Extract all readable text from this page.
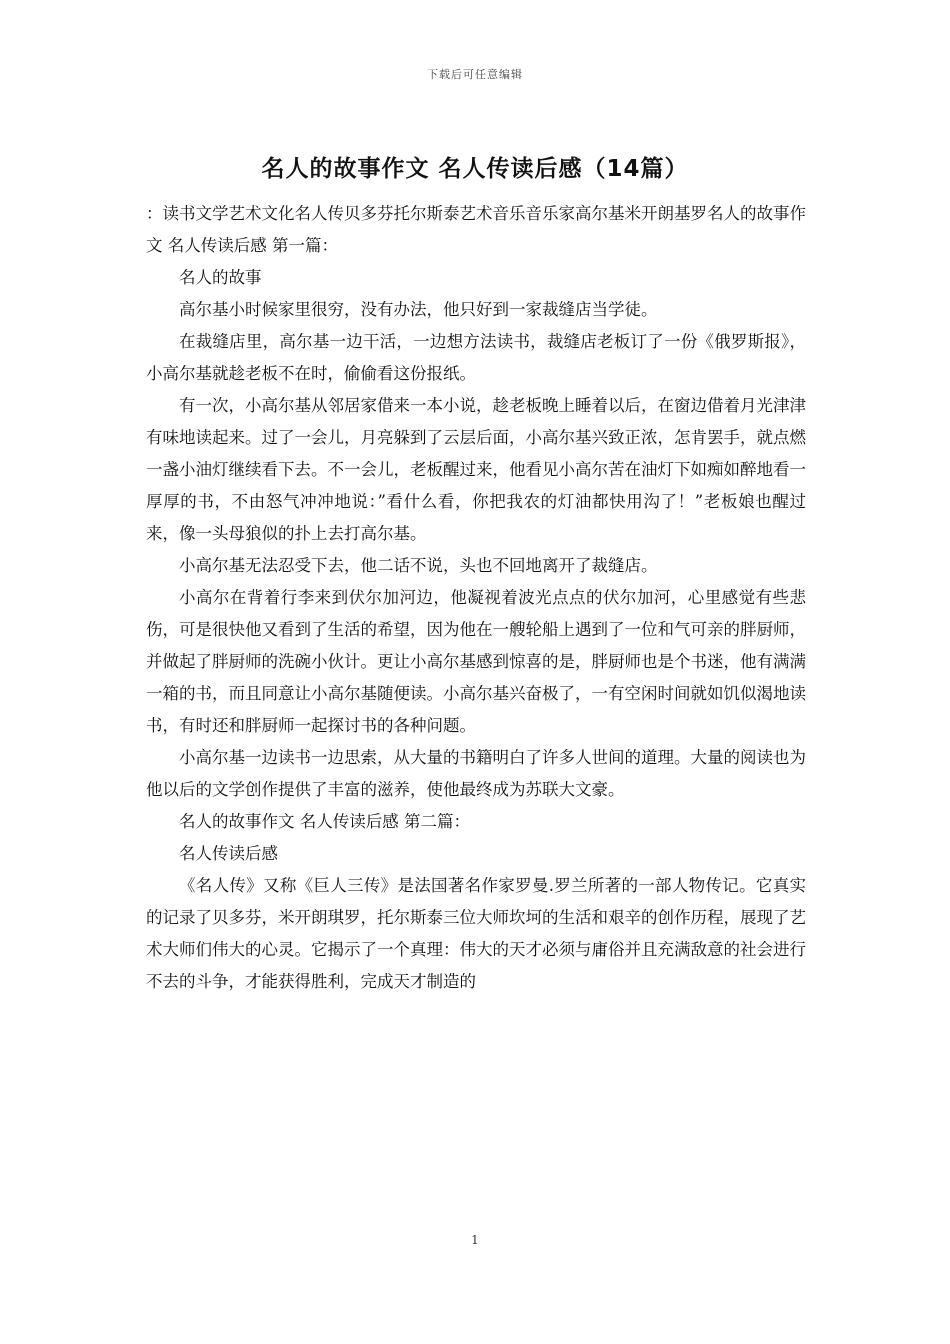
下载后可任意编辑
名人的故事作文 名人传读后感（14篇）

：读书文学艺术文化名人传贝多芬托尔斯泰艺术音乐音乐家高尔基米开朗基罗名人的故事作文 名人传读后感 第一篇：

名人的故事

高尔基小时候家里很穷，没有办法，他只好到一家裁缝店当学徒。

在裁缝店里，高尔基一边干活，一边想方法读书，裁缝店老板订了一份《俄罗斯报》，小高尔基就趁老板不在时，偷偷看这份报纸。

有一次，小高尔基从邻居家借来一本小说，趁老板晚上睡着以后，在窗边借着月光津津有味地读起来。过了一会儿，月亮躲到了云层后面，小高尔基兴致正浓，怎肯罢手，就点燃一盏小油灯继续看下去。不一会儿，老板醒过来，他看见小高尔苦在油灯下如痴如醉地看一厚厚的书，不由怒气冲冲地说：”看什么看，你把我农的灯油都快用沟了！”老板娘也醒过来，像一头母狼似的扑上去打高尔基。

小高尔基无法忍受下去，他二话不说，头也不回地离开了裁缝店。

小高尔在背着行李来到伏尔加河边，他凝视着波光点点的伏尔加河，心里感觉有些悲伤，可是很快他又看到了生活的希望，因为他在一艘轮船上遇到了一位和气可亲的胖厨师，并做起了胖厨师的洗碗小伙计。更让小高尔基感到惊喜的是，胖厨师也是个书迷，他有满满一箱的书，而且同意让小高尔基随便读。小高尔基兴奋极了，一有空闲时间就如饥似渴地读书，有时还和胖厨师一起探讨书的各种问题。

小高尔基一边读书一边思索，从大量的书籍明白了许多人世间的道理。大量的阅读也为他以后的文学创作提供了丰富的滋养，使他最终成为苏联大文豪。

名人的故事作文 名人传读后感 第二篇：

名人传读后感

《名人传》又称《巨人三传》是法国著名作家罗曼.罗兰所著的一部人物传记。它真实的记录了贝多芬，米开朗琪罗，托尔斯泰三位大师坎坷的生活和艰辛的创作历程，展现了艺术大师们伟大的心灵。它揭示了一个真理：伟大的天才必须与庸俗并且充满敌意的社会进行不去的斗争，才能获得胜利，完成天才制造的

1
